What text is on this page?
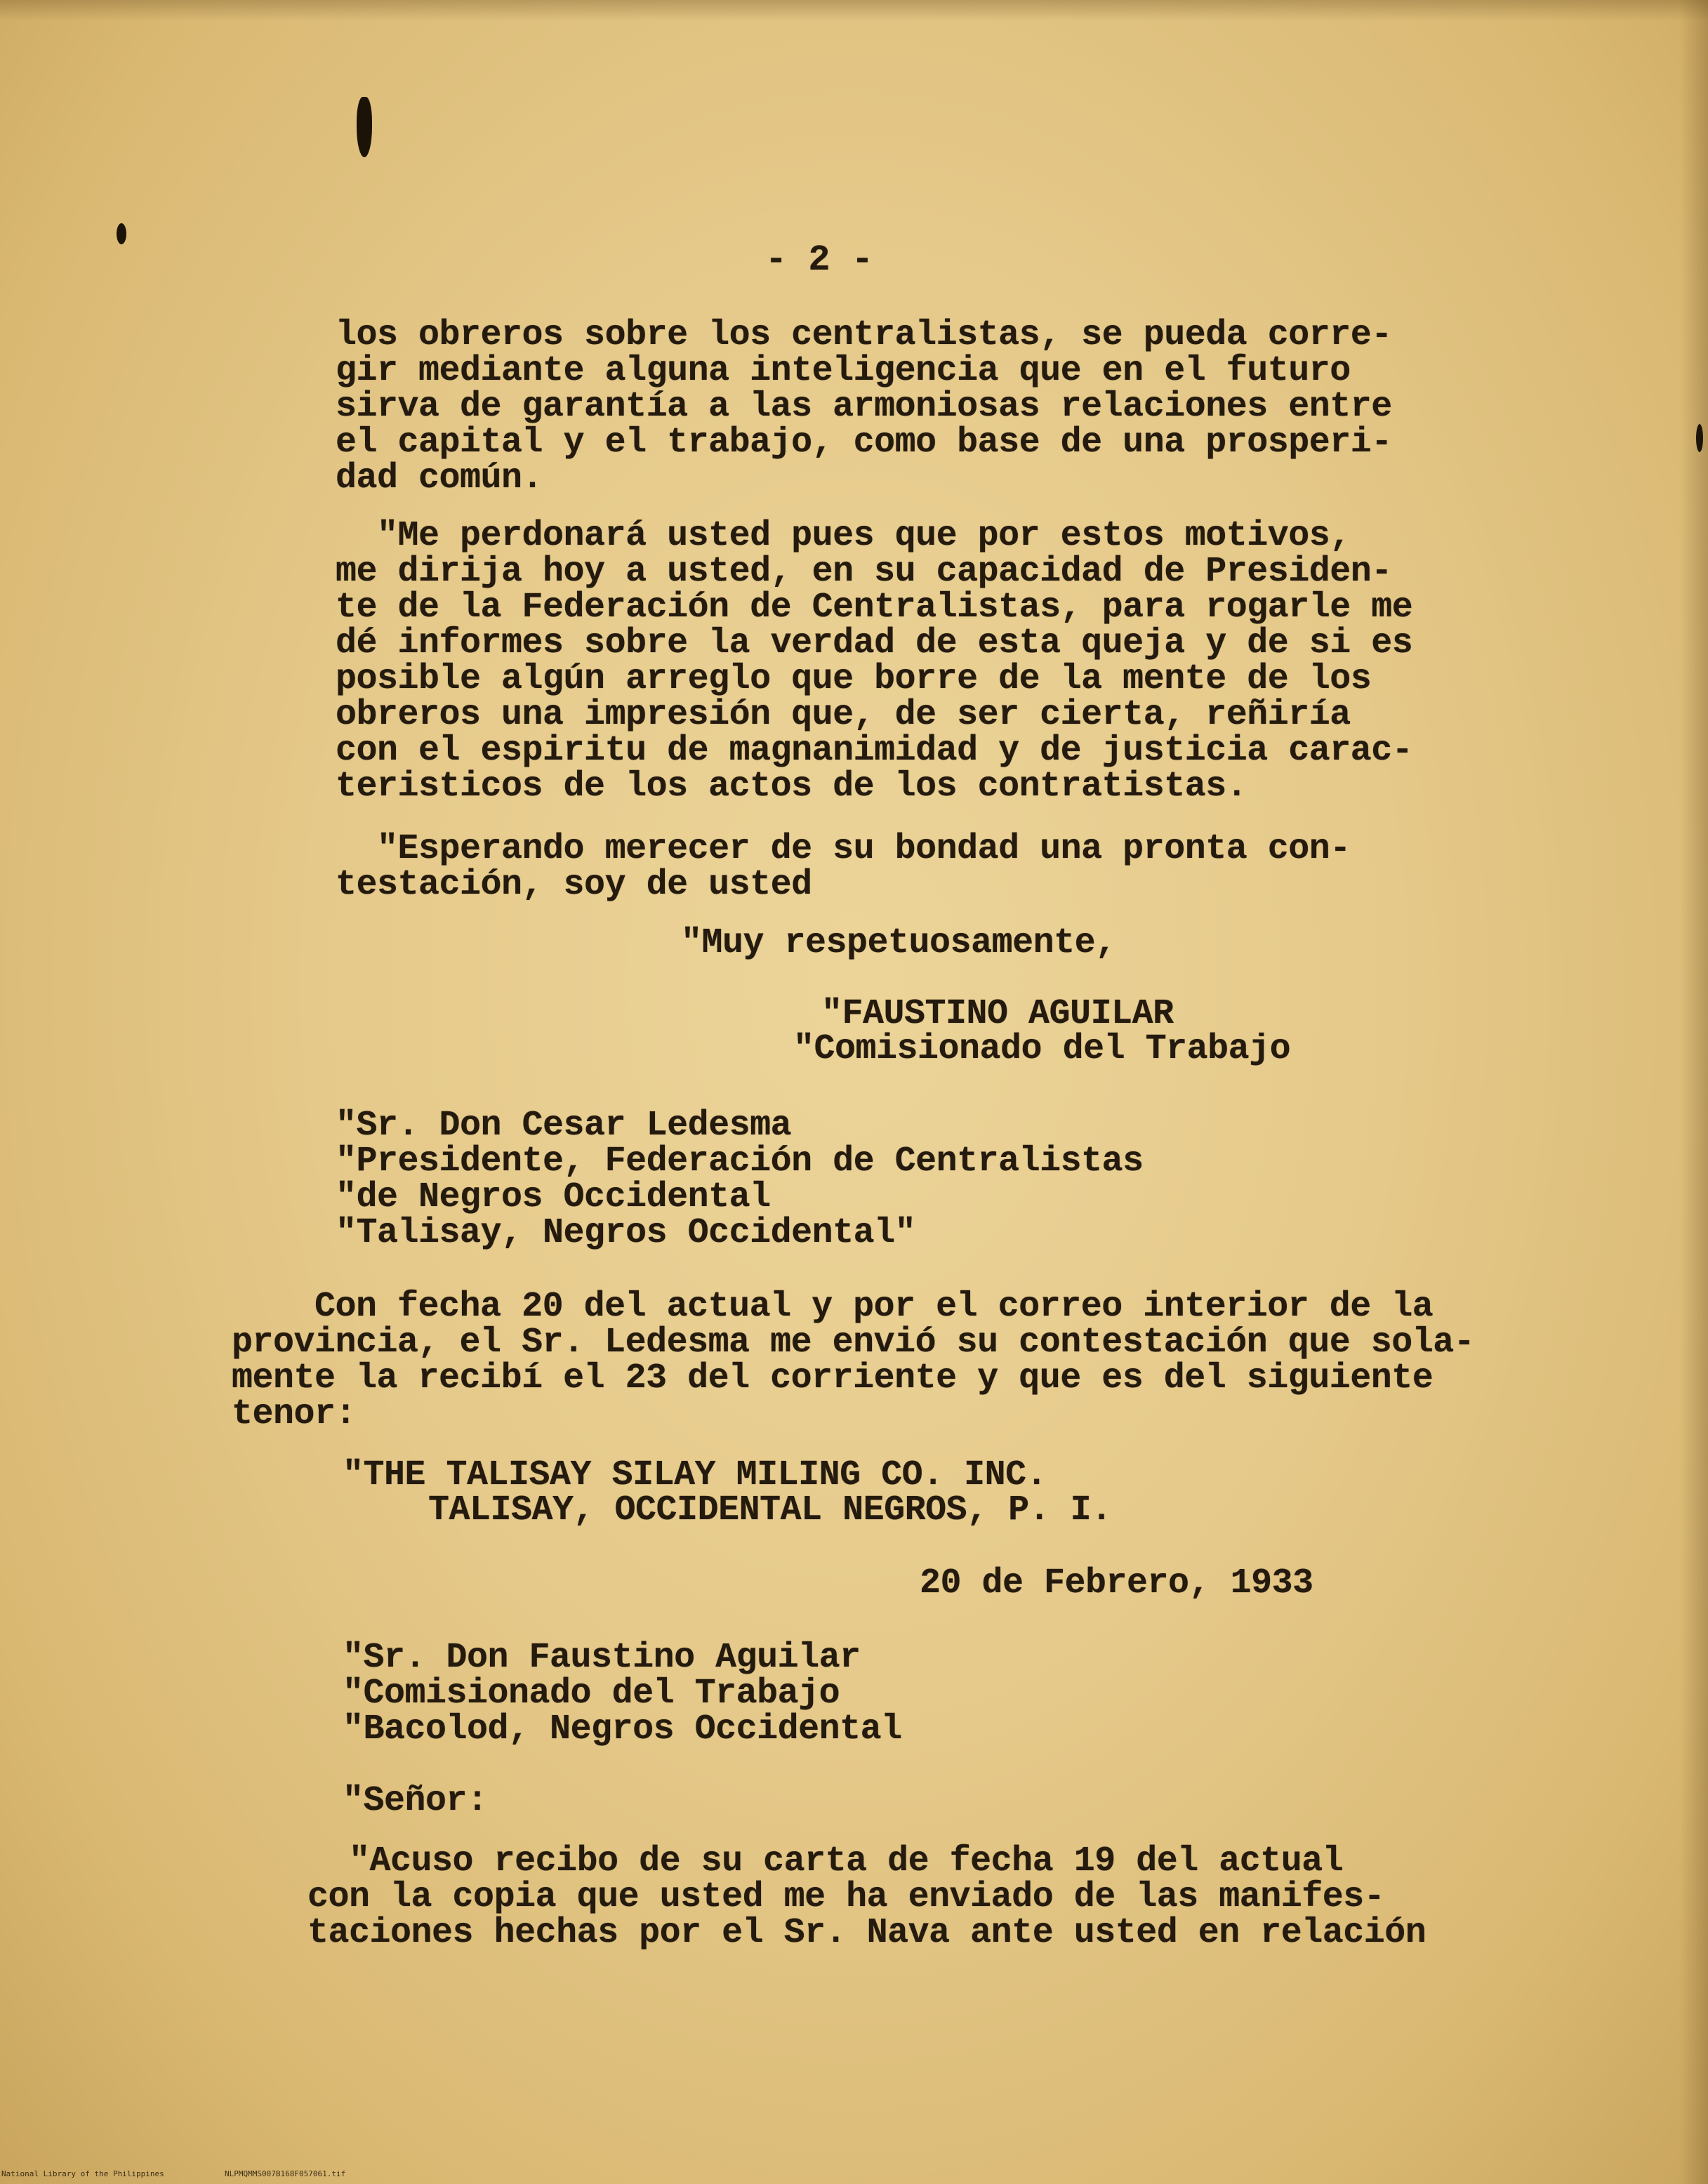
- 2 -

los obreros sobre los centralistas, se pueda corre-
gir mediante alguna inteligencia que en el futuro
sirva de garantía a las armoniosas relaciones entre
el capital y el trabajo, como base de una prosperi-
dad común.
"Me perdonará usted pues que por estos motivos,
me dirija hoy a usted, en su capacidad de Presiden-
te de la Federación de Centralistas, para rogarle me
dé informes sobre la verdad de esta queja y de si es
posible algún arreglo que borre de la mente de los
obreros una impresión que, de ser cierta, reñiría
con el espiritu de magnanimidad y de justicia carac-
teristicos de los actos de los contratistas.
"Esperando merecer de su bondad una pronta con-
testación, soy de usted

"Muy respetuosamente,

"FAUSTINO AGUILAR

"Comisionado del Trabajo

"Sr. Don Cesar Ledesma
"Presidente, Federación de Centralistas
"de Negros Occidental
"Talisay, Negros Occidental"
Con fecha 20 del actual y por el correo interior de la
provincia, el Sr. Ledesma me envió su contestación que sola-
mente la recibí el 23 del corriente y que es del siguiente
tenor:

"THE TALISAY SILAY MILING CO. INC.

TALISAY, OCCIDENTAL NEGROS, P. I.

20 de Febrero, 1933

"Sr. Don Faustino Aguilar
"Comisionado del Trabajo
"Bacolod, Negros Occidental

"Señor:

"Acuso recibo de su carta de fecha 19 del actual
con la copia que usted me ha enviado de las manifes-
taciones hechas por el Sr. Nava ante usted en relación
National Library of the Philippines	NLPMQMMS007B168F057061.tif
